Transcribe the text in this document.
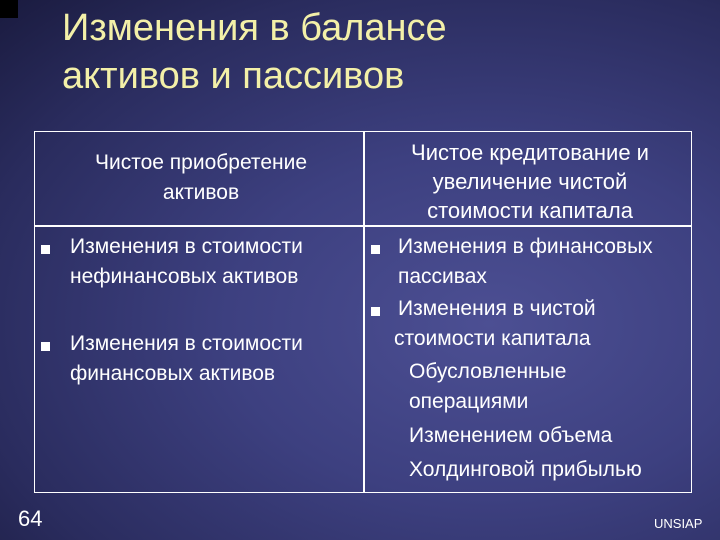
Изменения в балансе
активов и пассивов
Чистое приобретение
активов
Чистое кредитование и
увеличение чистой
стоимости капитала
Изменения в стоимости
нефинансовых активов
Изменения в стоимости
финансовых активов
Изменения в финансовых
пассивах
Изменения в чистой
стоимости капитала
Обусловленные
операциями
Изменением объема
Холдинговой прибылью
64	UNSIAP
